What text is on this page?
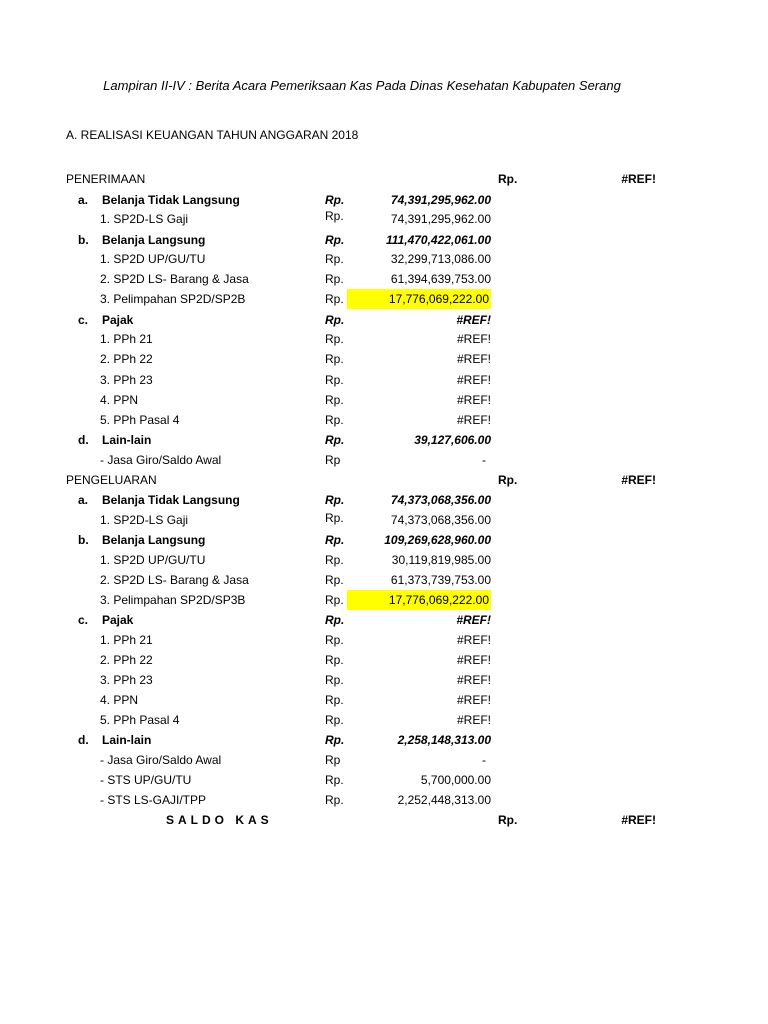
Lampiran II-IV : Berita Acara Pemeriksaan Kas Pada Dinas Kesehatan Kabupaten Serang
A. REALISASI KEUANGAN TAHUN ANGGARAN 2018
PENERIMAAN	Rp.	#REF!
a. Belanja Tidak Langsung	Rp.	74,391,295,962.00
1. SP2D-LS Gaji	Rp.	74,391,295,962.00
b. Belanja Langsung	Rp.	111,470,422,061.00
1. SP2D UP/GU/TU	Rp.	32,299,713,086.00
2. SP2D LS- Barang & Jasa	Rp.	61,394,639,753.00
3. Pelimpahan SP2D/SP2B	Rp.	17,776,069,222.00
c. Pajak	Rp.	#REF!
1. PPh 21	Rp.	#REF!
2. PPh 22	Rp.	#REF!
3. PPh 23	Rp.	#REF!
4. PPN	Rp.	#REF!
5. PPh Pasal 4	Rp.	#REF!
d. Lain-lain	Rp.	39,127,606.00
- Jasa Giro/Saldo Awal	Rp	-
PENGELUARAN	Rp.	#REF!
a. Belanja Tidak Langsung	Rp.	74,373,068,356.00
1. SP2D-LS Gaji	Rp.	74,373,068,356.00
b. Belanja Langsung	Rp.	109,269,628,960.00
1. SP2D UP/GU/TU	Rp.	30,119,819,985.00
2. SP2D LS- Barang & Jasa	Rp.	61,373,739,753.00
3. Pelimpahan SP2D/SP3B	Rp.	17,776,069,222.00
c. Pajak	Rp.	#REF!
1. PPh 21	Rp.	#REF!
2. PPh 22	Rp.	#REF!
3. PPh 23	Rp.	#REF!
4. PPN	Rp.	#REF!
5. PPh Pasal 4	Rp.	#REF!
d. Lain-lain	Rp.	2,258,148,313.00
- Jasa Giro/Saldo Awal	Rp	-
- STS UP/GU/TU	Rp.	5,700,000.00
- STS LS-GAJI/TPP	Rp.	2,252,448,313.00
SALDO KAS	Rp.	#REF!
